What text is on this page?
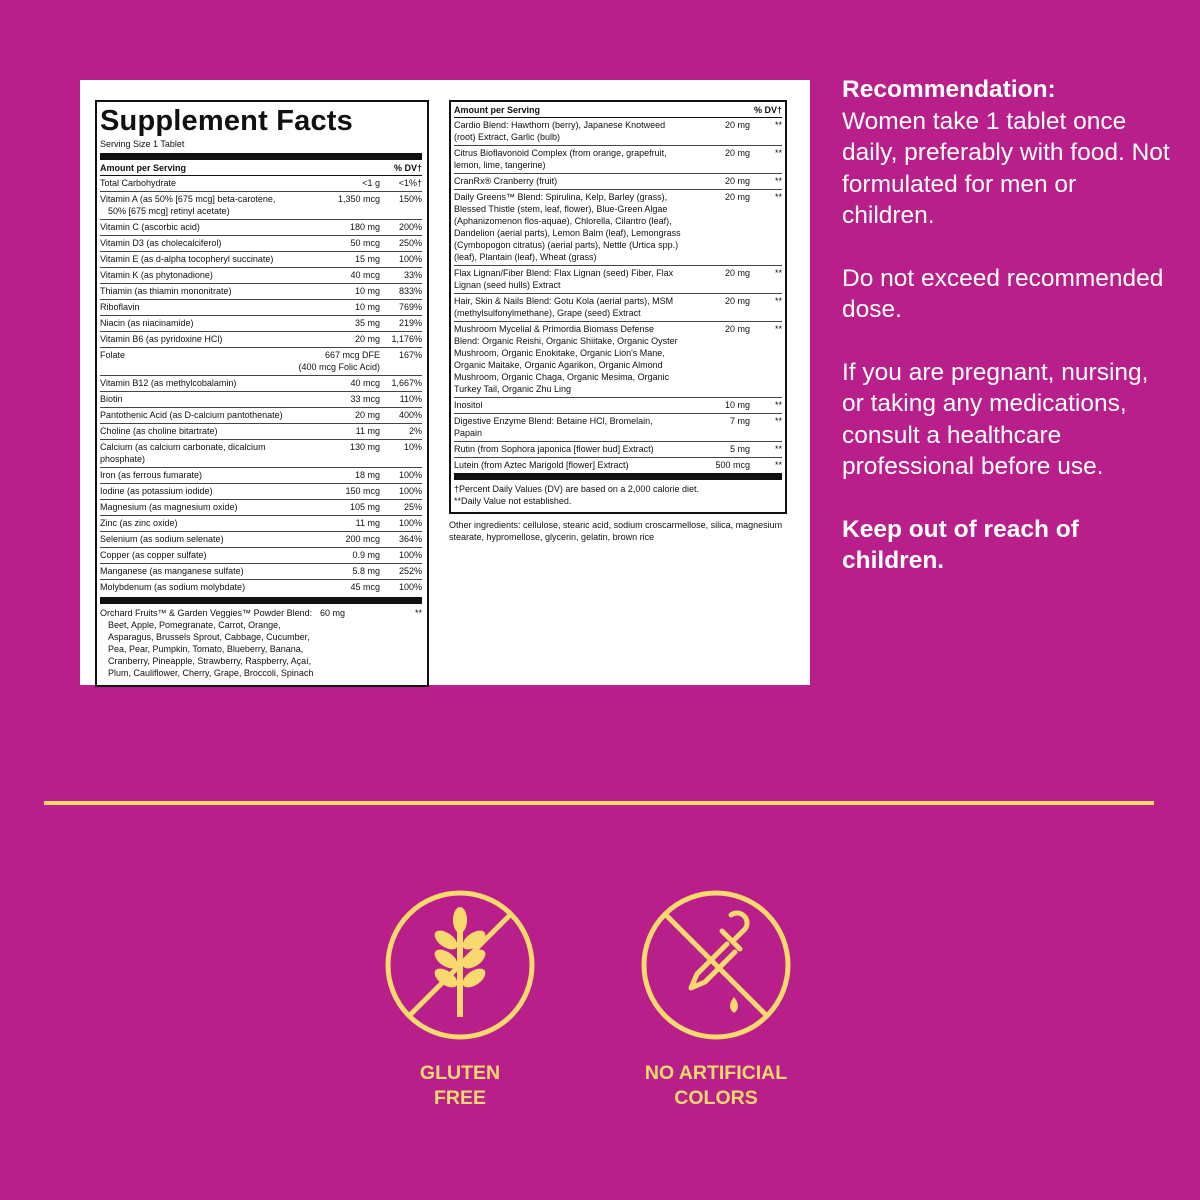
Supplement Facts
Serving Size 1 Tablet
Amount per Serving	% DV†
Total Carbohydrate	<1 g	<1%†
Vitamin A (as 50% [675 mcg] beta-carotene,
50% [675 mcg] retinyl acetate)
1,350 mcg	150%
Vitamin C (ascorbic acid)	180 mg	200%
Vitamin D3 (as cholecalciferol)	50 mcg	250%
Vitamin E (as d-alpha tocopheryl succinate)	15 mg	100%
Vitamin K (as phytonadione)	40 mcg	33%
Thiamin (as thiamin mononitrate)	10 mg	833%
Riboflavin	10 mg	769%
Niacin (as niacinamide)	35 mg	219%
Vitamin B6 (as pyridoxine HCl)	20 mg	1,176%
Folate	667 mcg DFE
(400 mcg Folic Acid)
167%
Vitamin B12 (as methylcobalamin)	40 mcg	1,667%
Biotin	33 mcg	110%
Pantothenic Acid (as D-calcium pantothenate)	20 mg	400%
Choline (as choline bitartrate)	11 mg	2%
Calcium (as calcium carbonate, dicalcium phosphate)
130 mg	10%
Iron (as ferrous fumarate)	18 mg	100%
Iodine (as potassium iodide)	150 mcg	100%
Magnesium (as magnesium oxide)	105 mg	25%
Zinc (as zinc oxide)	11 mg	100%
Selenium (as sodium selenate)	200 mcg	364%
Copper (as copper sulfate)	0.9 mg	100%
Manganese (as manganese sulfate)	5.8 mg	252%
Molybdenum (as sodium molybdate)	45 mcg	100%
Orchard Fruits™ & Garden Veggies™ Powder Blend:
Beet, Apple, Pomegranate, Carrot, Orange, Asparagus, Brussels Sprout, Cabbage, Cucumber, Pea, Pear, Pumpkin, Tomato, Blueberry, Banana, Cranberry, Pineapple, Strawberry, Raspberry, Açaí, Plum, Cauliflower, Cherry, Grape, Broccoli, Spinach
60 mg	**
Amount per Serving	% DV†
Cardio Blend: Hawthorn (berry), Japanese Knotweed (root) Extract, Garlic (bulb)
20 mg	**
Citrus Bioflavonoid Complex (from orange, grapefruit, lemon, lime, tangerine)
20 mg	**
CranRx® Cranberry (fruit)	20 mg	**
Daily Greens™ Blend: Spirulina, Kelp, Barley (grass), Blessed Thistle (stem, leaf, flower), Blue-Green Algae (Aphanizomenon flos-aquae), Chlorella, Cilantro (leaf), Dandelion (aerial parts), Lemon Balm (leaf), Lemongrass (Cymbopogon citratus) (aerial parts), Nettle (Urtica spp.) (leaf), Plantain (leaf), Wheat (grass)
20 mg	**
Flax Lignan/Fiber Blend: Flax Lignan (seed) Fiber, Flax Lignan (seed hulls) Extract
20 mg	**
Hair, Skin & Nails Blend: Gotu Kola (aerial parts), MSM (methylsulfonylmethane), Grape (seed) Extract
20 mg	**
Mushroom Mycelial & Primordia Biomass Defense Blend: Organic Reishi, Organic Shiitake, Organic Oyster Mushroom, Organic Enokitake, Organic Lion's Mane, Organic Maitake, Organic Agarikon, Organic Almond Mushroom, Organic Chaga, Organic Mesima, Organic Turkey Tail, Organic Zhu Ling
20 mg	**
Inositol	10 mg	**
Digestive Enzyme Blend: Betaine HCl, Bromelain, Papain
7 mg	**
Rutin (from Sophora japonica [flower bud] Extract)	5 mg	**
Lutein (from Aztec Marigold [flower] Extract)	500 mcg	**
†Percent Daily Values (DV) are based on a 2,000 calorie diet.
**Daily Value not established.
Other ingredients: cellulose, stearic acid, sodium croscarmellose, silica, magnesium stearate, hypromellose, glycerin, gelatin, brown rice

Recommendation:
Women take 1 tablet once daily, preferably with food. Not formulated for men or children.

Do not exceed recommended dose.

If you are pregnant, nursing, or taking any medications, consult a healthcare professional before use.

Keep out of reach of children.

GLUTEN
FREE
NO ARTIFICIAL
COLORS
